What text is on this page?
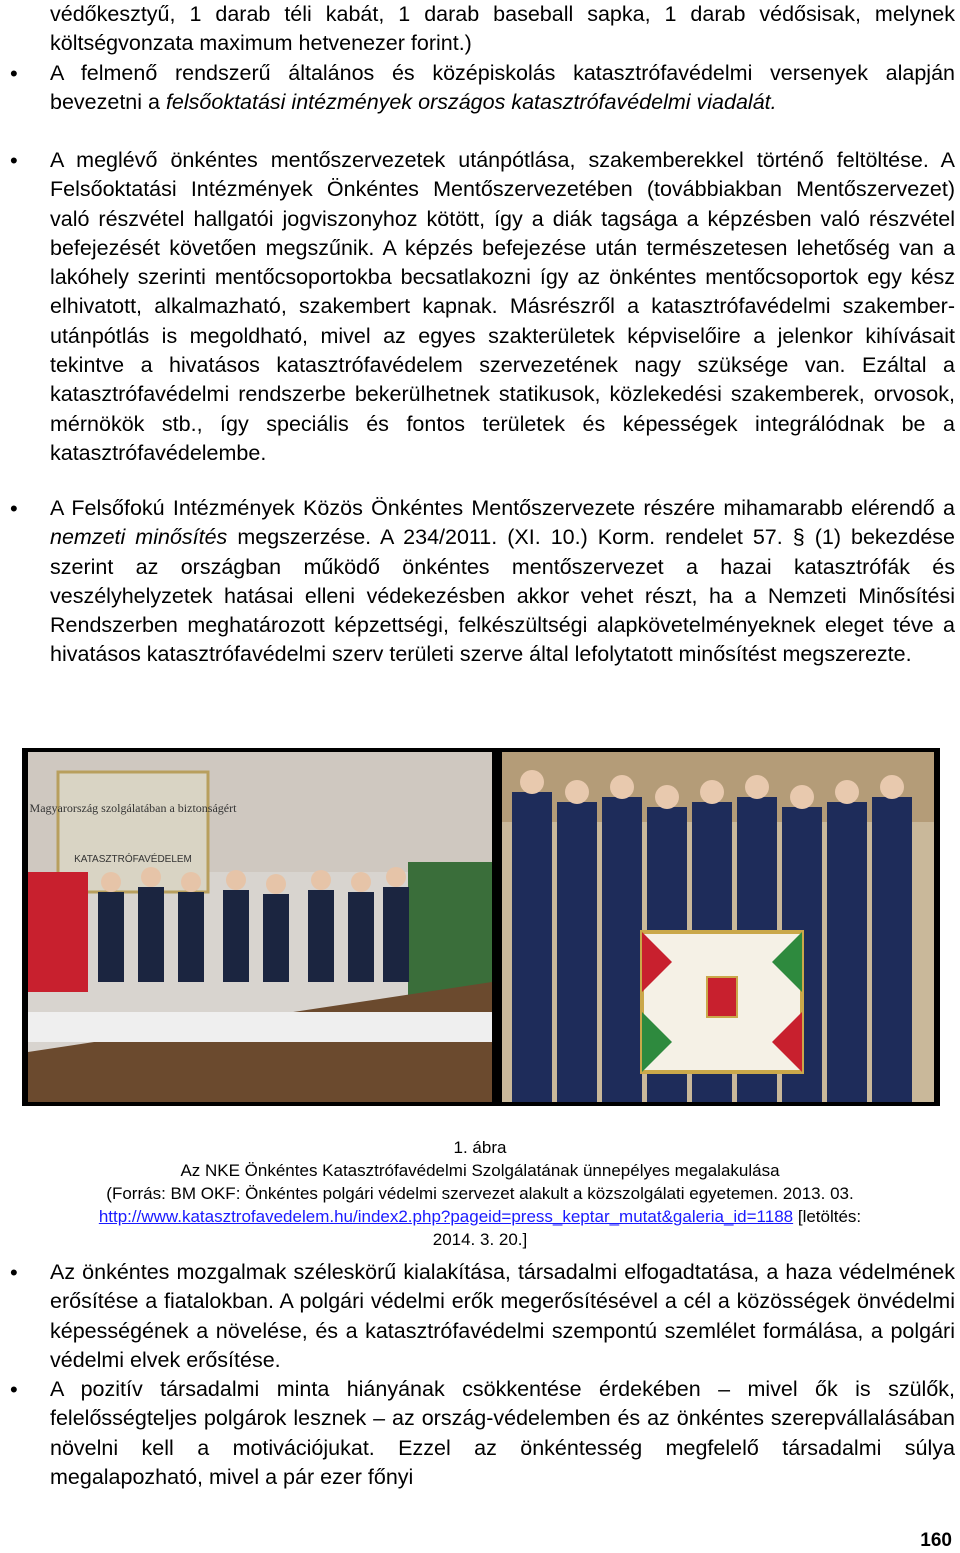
védőkesztyű, 1 darab téli kabát, 1 darab baseball sapka, 1 darab védősisak, melynek költségvonzata maximum hetvenezer forint.)

• A felmenő rendszerű általános és középiskolás katasztrófavédelmi versenyek alapján bevezetni a felsőoktatási intézmények országos katasztrófavédelmi viadalát.

• A meglévő önkéntes mentőszervezetek utánpótlása, szakemberekkel történő feltöltése. A Felsőoktatási Intézmények Önkéntes Mentőszervezetében (továbbiakban Mentőszervezet) való részvétel hallgatói jogviszonyhoz kötött, így a diák tagsága a képzésben való részvétel befejezését követően megszűnik. A képzés befejezése után természetesen lehetőség van a lakóhely szerinti mentőcsoportokba becsatlakozni így az önkéntes mentőcsoportok egy kész elhivatott, alkalmazható, szakembert kapnak. Másrészről a katasztrófavédelmi szakember-utánpótlás is megoldható, mivel az egyes szakterületek képviselőire a jelenkor kihívásait tekintve a hivatásos katasztrófavédelem szervezetének nagy szüksége van. Ezáltal a katasztrófavédelmi rendszerbe bekerülhetnek statikusok, közlekedési szakemberek, orvosok, mérnökök stb., így speciális és fontos területek és képességek integrálódnak be a katasztrófavédelembe.

• A Felsőfokú Intézmények Közös Önkéntes Mentőszervezete részére mihamarabb elérendő a nemzeti minősítés megszerzése. A 234/2011. (XI. 10.) Korm. rendelet 57. § (1) bekezdése szerint az országban működő önkéntes mentőszervezet a hazai katasztrófák és veszélyhelyzetek hatásai elleni védekezésben akkor vehet részt, ha a Nemzeti Minősítési Rendszerben meghatározott képzettségi, felkészültségi alapkövetelményeknek eleget téve a hivatásos katasztrófavédelmi szerv területi szerve által lefolytatott minősítést megszerezte.

Magyarország szolgálatában a biztonságért
KATASZTRÓFAVÉDELEM
1. ábra
Az NKE Önkéntes Katasztrófavédelmi Szolgálatának ünnepélyes megalakulása
(Forrás: BM OKF: Önkéntes polgári védelmi szervezet alakult a közszolgálati egyetemen. 2013. 03.
http://www.katasztrofavedelem.hu/index2.php?pageid=press_keptar_mutat&galeria_id=1188 [letöltés:
2014. 3. 20.]
• Az önkéntes mozgalmak széleskörű kialakítása, társadalmi elfogadtatása, a haza védelmének erősítése a fiatalokban. A polgári védelmi erők megerősítésével a cél a közösségek önvédelmi képességének a növelése, és a katasztrófavédelmi szempontú szemlélet formálása, a polgári védelmi elvek erősítése.

• A pozitív társadalmi minta hiányának csökkentése érdekében – mivel ők is szülők, felelősségteljes polgárok lesznek – az ország-védelemben és az önkéntes szerepvállalásában növelni kell a motivációjukat. Ezzel az önkéntesség megfelelő társadalmi súlya megalapozható, mivel a pár ezer főnyi

160
